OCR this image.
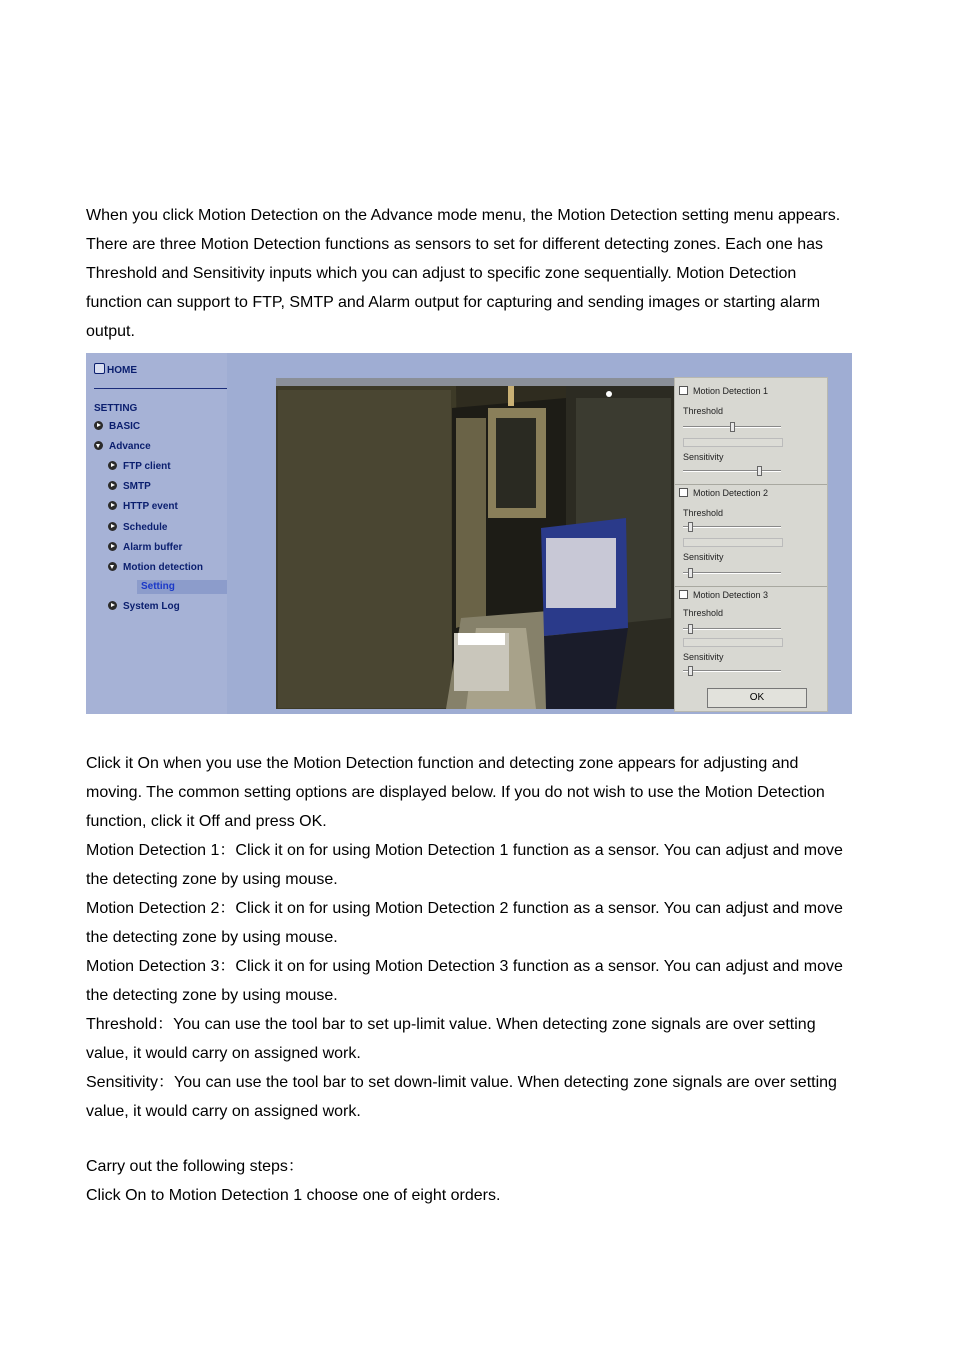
When you click Motion Detection on the Advance mode menu, the Motion Detection setting menu appears.
There are three Motion Detection functions as sensors to set for different detecting zones. Each one has
Threshold and Sensitivity inputs which you can adjust to specific zone sequentially. Motion Detection
function can support to FTP, SMTP and Alarm output for capturing and sending images or starting alarm
output.
HOME
SETTING
BASIC
Advance
FTP client
SMTP
HTTP event
Schedule
Alarm buffer
Motion detection
Setting
System Log
Motion Detection 1
Threshold
Sensitivity
Motion Detection 2
Threshold
Sensitivity
Motion Detection 3
Threshold
Sensitivity
OK
Click it On when you use the Motion Detection function and detecting zone appears for adjusting and
moving. The common setting options are displayed below. If you do not wish to use the Motion Detection
function, click it Off and press OK.
Motion Detection 1：Click it on for using Motion Detection 1 function as a sensor. You can adjust and move
the detecting zone by using mouse.
Motion Detection 2：Click it on for using Motion Detection 2 function as a sensor. You can adjust and move
the detecting zone by using mouse.
Motion Detection 3：Click it on for using Motion Detection 3 function as a sensor. You can adjust and move
the detecting zone by using mouse.
Threshold：You can use the tool bar to set up-limit value. When detecting zone signals are over setting
value, it would carry on assigned work.
Sensitivity：You can use the tool bar to set down-limit value. When detecting zone signals are over setting
value, it would carry on assigned work.
Carry out the following steps：
Click On to Motion Detection 1 choose one of eight orders.
